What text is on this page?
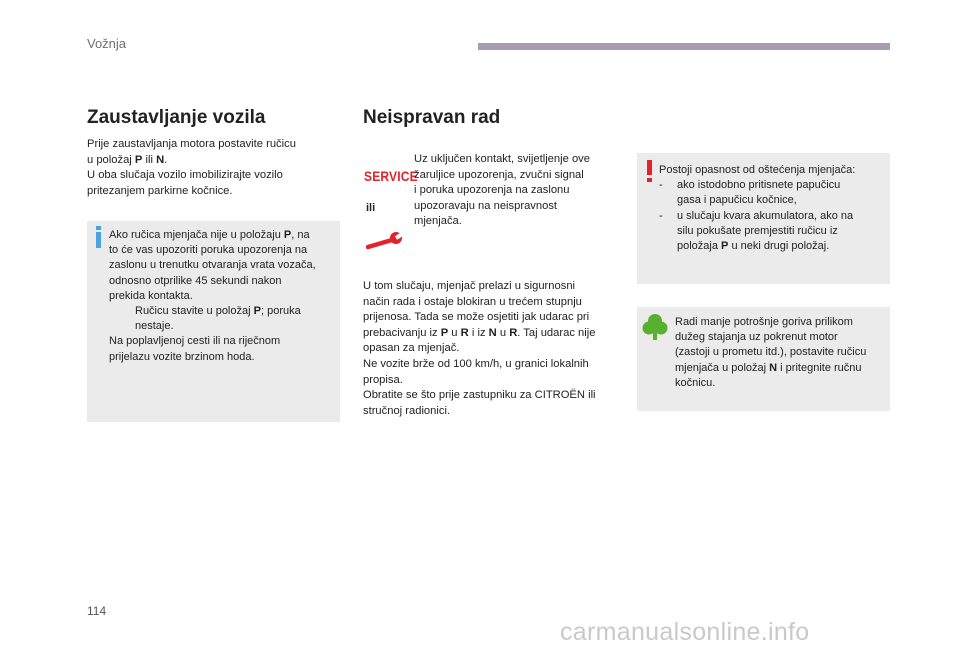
Vožnja
Zaustavljanje vozila
Prije zaustavljanja motora postavite ručicu
u položaj P ili N.
U oba slučaja vozilo imobilizirajte vozilo
pritezanjem parkirne kočnice.
Ako ručica mjenjača nije u položaju P, na
to će vas upozoriti poruka upozorenja na
zaslonu u trenutku otvaranja vrata vozača,
odnosno otprilike 45 sekundi nakon
prekida kontakta.
Ručicu stavite u položaj P; poruka
nestaje.
Na poplavljenoj cesti ili na riječnom
prijelazu vozite brzinom hoda.
Neispravan rad
SERVICE
ili
Uz uključen kontakt, svijetljenje ove
žaruljice upozorenja, zvučni signal
i poruka upozorenja na zaslonu
upozoravaju na neispravnost
mjenjača.
U tom slučaju, mjenjač prelazi u sigurnosni
način rada i ostaje blokiran u trećem stupnju
prijenosa. Tada se može osjetiti jak udarac pri
prebacivanju iz P u R i iz N u R. Taj udarac nije
opasan za mjenjač.
Ne vozite brže od 100 km/h, u granici lokalnih
propisa.
Obratite se što prije zastupniku za CITROËN ili
stručnoj radionici.
Postoji opasnost od oštećenja mjenjača:
-	ako istodobno pritisnete papučicu
gasa i papučicu kočnice,
-	u slučaju kvara akumulatora, ako na
silu pokušate premjestiti ručicu iz
položaja P u neki drugi položaj.
Radi manje potrošnje goriva prilikom
dužeg stajanja uz pokrenut motor
(zastoji u prometu itd.), postavite ručicu
mjenjača u položaj N i pritegnite ručnu
kočnicu.
114
carmanualsonline.info
